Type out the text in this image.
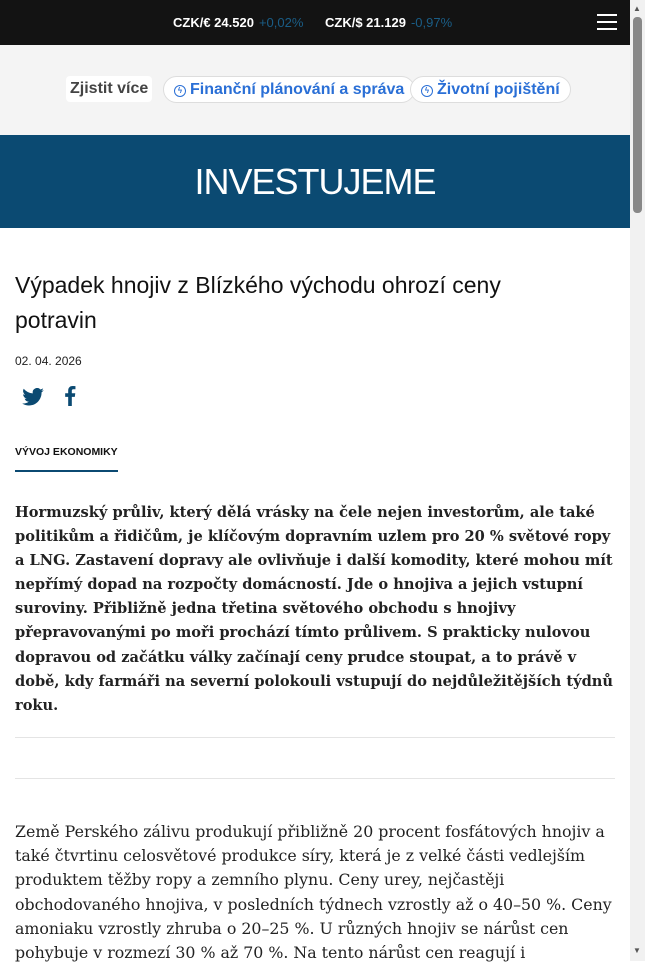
CZK/€ 24.520 +0,02% CZK/$ 21.129 -0,97%
Zjistit více	ϟ Finanční plánování a správa	ϟ Životní pojištění
INVESTUJEME
Výpadek hnojiv z Blízkého východu ohrozí ceny potravin
02. 04. 2026
VÝVOJ EKONOMIKY

Hormuzský průliv, který dělá vrásky na čele nejen investorům, ale také politikům a řidičům, je klíčovým dopravním uzlem pro 20 % světové ropy a LNG. Zastavení dopravy ale ovlivňuje i další komodity, které mohou mít nepřímý dopad na rozpočty domácností. Jde o hnojiva a jejich vstupní suroviny. Přibližně jedna třetina světového obchodu s hnojivy přepravovanými po moři prochází tímto průlivem. S prakticky nulovou dopravou od začátku války začínají ceny prudce stoupat, a to právě v době, kdy farmáři na severní polokouli vstupují do nejdůležitějších týdnů roku.

Země Perského zálivu produkují přibližně 20 procent fosfátových hnojiv a také čtvrtinu celosvětové produkce síry, která je z velké části vedlejším produktem těžby ropy a zemního plynu. Ceny urey, nejčastěji obchodovaného hnojiva, v posledních týdnech vzrostly až o 40–50 %. Ceny amoniaku vzrostly zhruba o 20–25 %. U různých hnojiv se nárůst cen pohybuje v rozmezí 30 % až 70 %. Na tento nárůst cen reagují i

▲
▼
